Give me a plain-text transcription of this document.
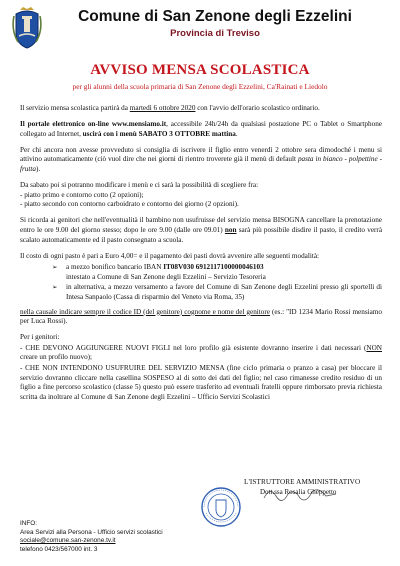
Comune di San Zenone degli Ezzelini
Provincia di Treviso
AVVISO MENSA SCOLASTICA
per gli alunni della scuola primaria di San Zenone degli Ezzelini, Ca'Rainati e Liedolo

Il servizio mensa scolastica partirà da martedì 6 ottobre 2020 con l'avvio dell'orario scolastico ordinario.

Il portale elettronico on-line www.mensiamo.it, accessibile 24h/24h da qualsiasi postazione PC o Tablet o Smartphone collegato ad Internet, uscirà con i menù SABATO 3 OTTOBRE mattina.

Per chi ancora non avesse provveduto si consiglia di iscrivere il figlio entro venerdì 2 ottobre sera dimodoché i menu si attivino automaticamente (ciò vuol dire che nei giorni di rientro troverete già il menù di default pasta in bianco - polpettine - frutta).

Da sabato poi si potranno modificare i menù e ci sarà la possibilità di scegliere fra:
- piatto primo e contorno cotto (2 opzioni);
- piatto secondo con contorno carboidrato e contorno dei giorno (2 opzioni).

Si ricorda ai genitori che nell'eventualità il bambino non usufruisse del servizio mensa BISOGNA cancellare la prenotazione entro le ore 9.00 del giorno stesso; dopo le ore 9.00 (dalle ore 09.01) non sarà più possibile disdire il pasto, il credito verrà scalato automaticamente ed il pasto consegnato a scuola.

Il costo di ogni pasto è pari a Euro 4,00= e il pagamento dei pasti dovrà avvenire alle seguenti modalità:

➢ a mezzo bonifico bancario IBAN IT08V030 6912117100000046103
intestato a Comune di San Zenone degli Ezzelini – Servizio Tesoreria
➢ in alternativa, a mezzo versamento a favore del Comune di San Zenone degli Ezzelini presso gli sportelli di Intesa Sanpaolo (Cassa di risparmio del Veneto via Roma, 35)

nella causale indicare sempre il codice ID (del genitore) cognome e nome del genitore (es.: "ID 1234 Mario Rossi mensiamo per Luca Rossi).

Per i genitori:

- CHE DEVONO AGGIUNGERE NUOVI FIGLI nel loro profilo già esistente dovranno inserire i dati necessari (NON creare un profilo nuovo);

- CHE NON INTENDONO USUFRUIRE DEL SERVIZIO MENSA (fine ciclo primaria o pranzo a casa) per bloccare il servizio dovranno cliccare nella casellina SOSPESO al di sotto dei dati del figlio; nel caso rimanesse credito residuo di un figlio a fine percorso scolastico (classe 5) questo può essere trasferito ad eventuali fratelli oppure rimborsato previa richiesta scritta da inoltrare al Comune di San Zenone degli Ezzelini – Ufficio Servizi Scolastici

L'ISTRUTTORE AMMINISTRATIVO
Dott.ssa Rosalia Gheppetto
INFO:
Area Servizi alla Persona - Ufficio servizi scolastici
sociale@comune.san-zenone.tv.it
telefono 0423/567000 int. 3
